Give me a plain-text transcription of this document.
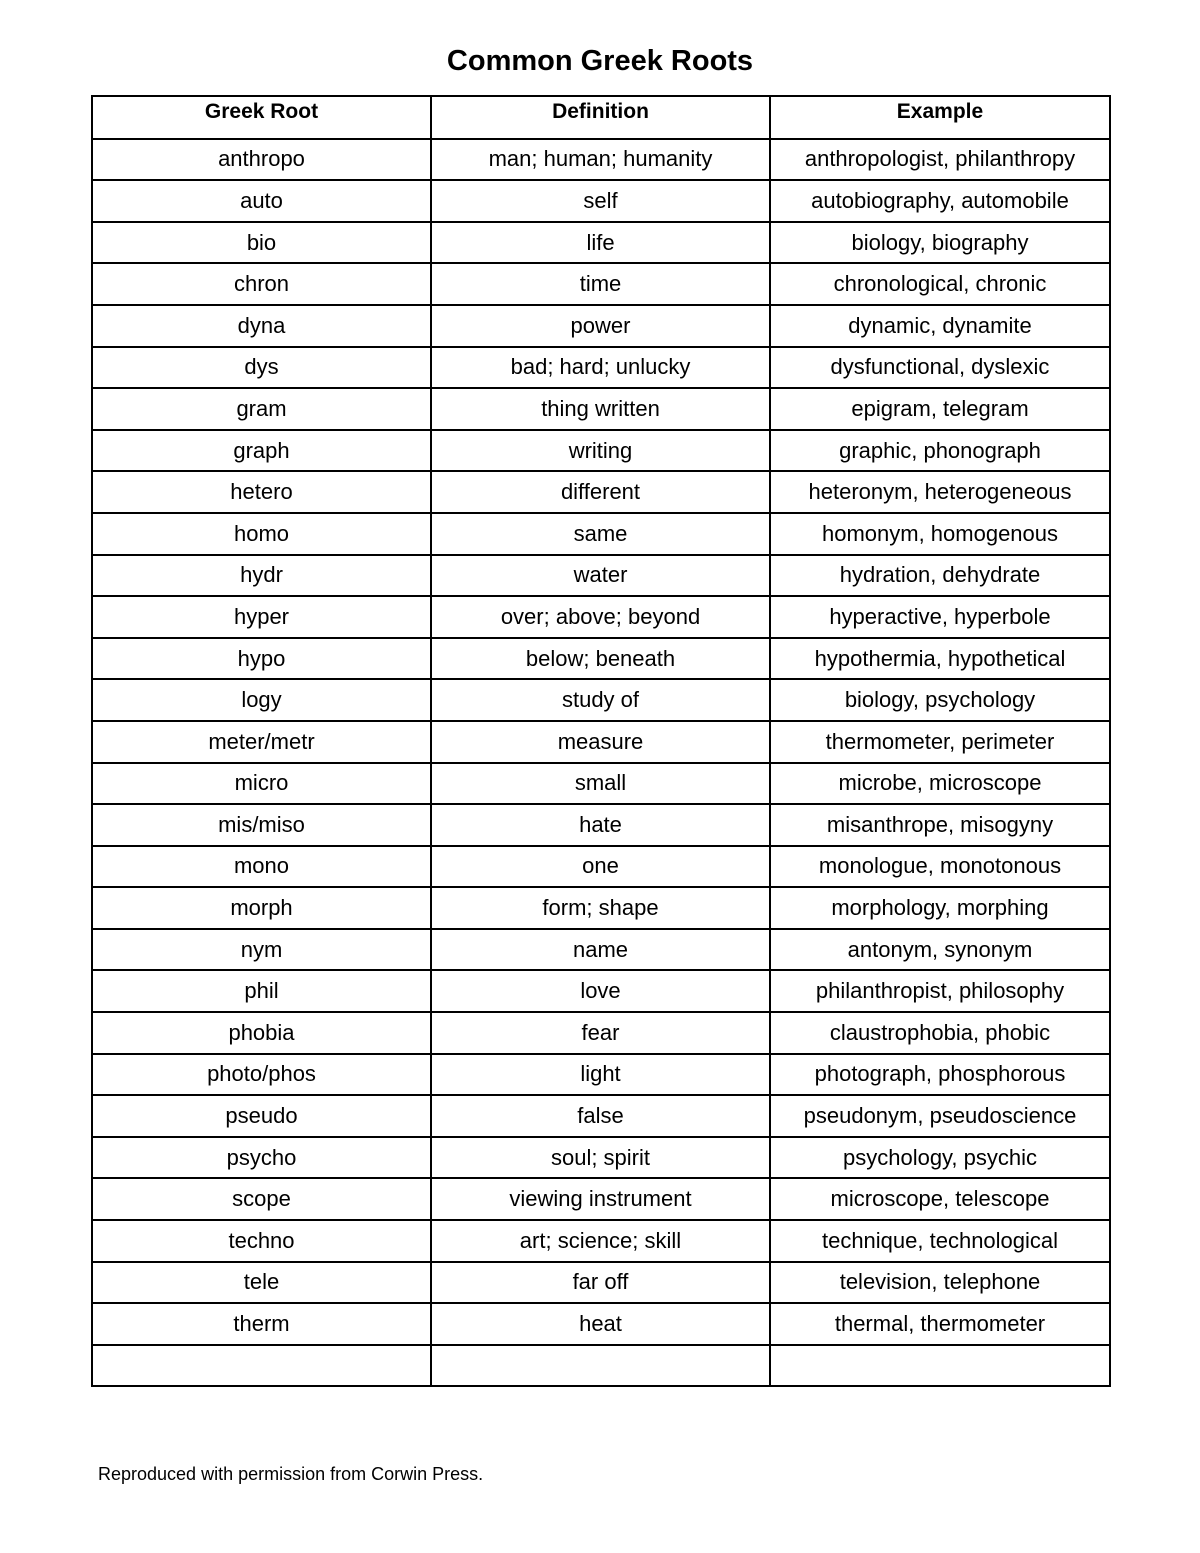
Common Greek Roots
Greek Root	Definition	Example
anthropo	man; human; humanity	anthropologist, philanthropy
auto	self	autobiography, automobile
bio	life	biology, biography
chron	time	chronological, chronic
dyna	power	dynamic, dynamite
dys	bad; hard; unlucky	dysfunctional, dyslexic
gram	thing written	epigram, telegram
graph	writing	graphic, phonograph
hetero	different	heteronym, heterogeneous
homo	same	homonym, homogenous
hydr	water	hydration, dehydrate
hyper	over; above; beyond	hyperactive, hyperbole
hypo	below; beneath	hypothermia, hypothetical
logy	study of	biology, psychology
meter/metr	measure	thermometer, perimeter
micro	small	microbe, microscope
mis/miso	hate	misanthrope, misogyny
mono	one	monologue, monotonous
morph	form; shape	morphology, morphing
nym	name	antonym, synonym
phil	love	philanthropist, philosophy
phobia	fear	claustrophobia, phobic
photo/phos	light	photograph, phosphorous
pseudo	false	pseudonym, pseudoscience
psycho	soul; spirit	psychology, psychic
scope	viewing instrument	microscope, telescope
techno	art; science; skill	technique, technological
tele	far off	television, telephone
therm	heat	thermal, thermometer

Reproduced with permission from Corwin Press.
